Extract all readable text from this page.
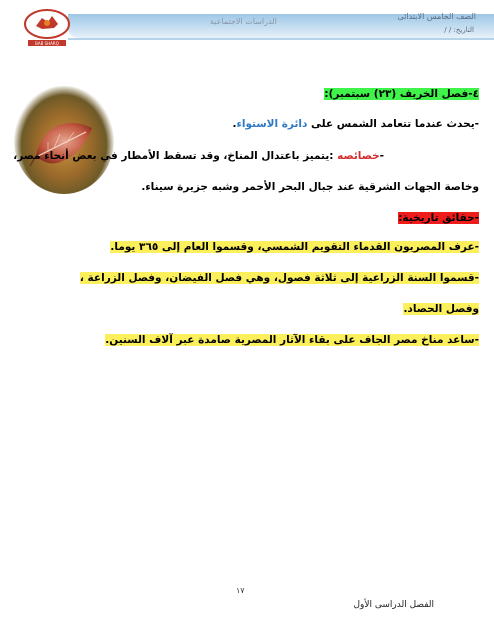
BAB SHARQ
الصف الخامس الابتدائى
التاريخ: / /
الدراسات الاجتماعية
٤-فصل الخريف (٢٣) سبتمبر):
-يحدث عندما تتعامد الشمس على دائرة الاستواء.
-خصائصه :يتميز باعتدال المناخ، وقد تسقط الأمطار في بعض أنحاء مصر،
وخاصة الجهات الشرقية عند جبال البحر الأحمر وشبه جزيرة سيناء.
-حقائق تاريخية:
-عرف المصريون القدماء التقويم الشمسي، وقسموا العام إلى ٣٦٥ يوما.
-قسموا السنة الزراعية إلى ثلاثة فصول، وهي فصل الفيضان، وفصل الزراعة ،
وفصل الحصاد.
-ساعد مناخ مصر الجاف على بقاء الآثار المصرية صامدة عبر آلاف السنين.
١٧
الفصل الدراسى الأول
